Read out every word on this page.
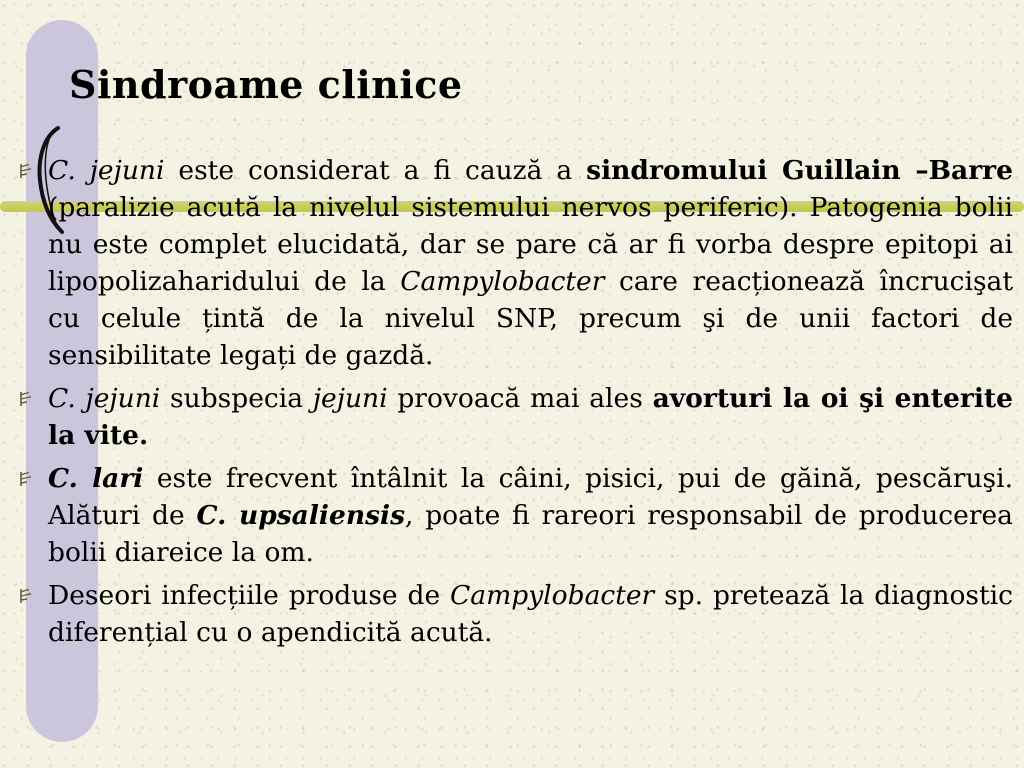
Sindroame clinice

C. jejuni este considerat a fi cauză a sindromului Guillain –Barre (paralizie acută la nivelul sistemului nervos periferic). Patogenia bolii nu este complet elucidată, dar se pare că ar fi vorba despre epitopi ai lipopolizaharidului de la Campylobacter care reacționează încrucişat cu celule țintă de la nivelul SNP, precum şi de unii factori de sensibilitate legați de gazdă.

C. jejuni subspecia jejuni provoacă mai ales avorturi la oi şi enterite la vite.

C. lari este frecvent întâlnit la câini, pisici, pui de găină, pescăruşi. Alături de C. upsaliensis, poate fi rareori responsabil de producerea bolii diareice la om.

Deseori infecțiile produse de Campylobacter sp. pretează la diagnostic diferențial cu o apendicită acută.
